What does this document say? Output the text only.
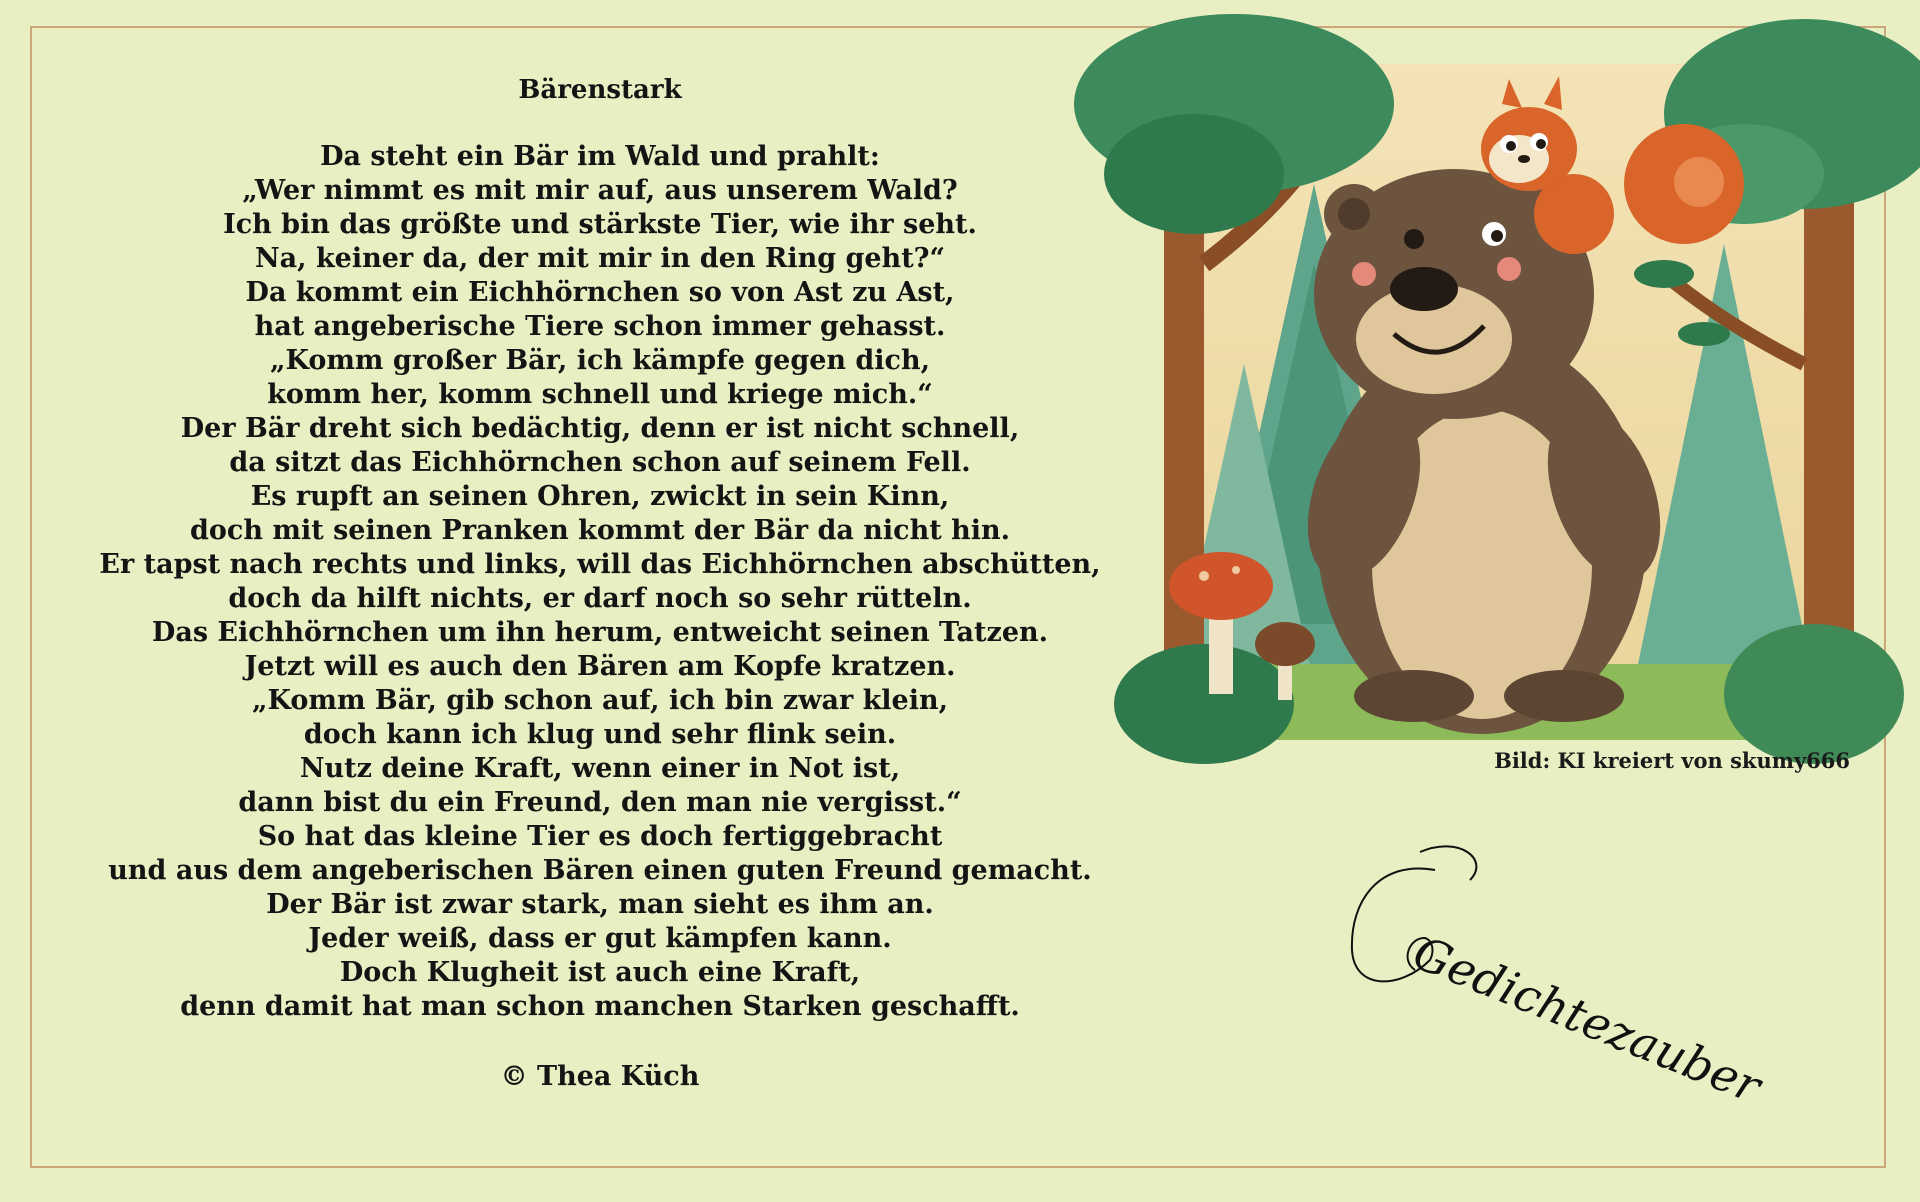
Bärenstark
Da steht ein Bär im Wald und prahlt:
„Wer nimmt es mit mir auf, aus unserem Wald?
Ich bin das größte und stärkste Tier, wie ihr seht.
Na, keiner da, der mit mir in den Ring geht?“
Da kommt ein Eichhörnchen so von Ast zu Ast,
hat angeberische Tiere schon immer gehasst.
„Komm großer Bär, ich kämpfe gegen dich,
komm her, komm schnell und kriege mich.“
Der Bär dreht sich bedächtig, denn er ist nicht schnell,
da sitzt das Eichhörnchen schon auf seinem Fell.
Es rupft an seinen Ohren, zwickt in sein Kinn,
doch mit seinen Pranken kommt der Bär da nicht hin.
Er tapst nach rechts und links, will das Eichhörnchen abschütten,
doch da hilft nichts, er darf noch so sehr rütteln.
Das Eichhörnchen um ihn herum, entweicht seinen Tatzen.
Jetzt will es auch den Bären am Kopfe kratzen.
„Komm Bär, gib schon auf, ich bin zwar klein,
doch kann ich klug und sehr flink sein.
Nutz deine Kraft, wenn einer in Not ist,
dann bist du ein Freund, den man nie vergisst.“
So hat das kleine Tier es doch fertiggebracht
und aus dem angeberischen Bären einen guten Freund gemacht.
Der Bär ist zwar stark, man sieht es ihm an.
Jeder weiß, dass er gut kämpfen kann.
Doch Klugheit ist auch eine Kraft,
denn damit hat man schon manchen Starken geschafft.
© Thea Küch
Bild: KI kreiert von skumy666
Gedichtezauber
